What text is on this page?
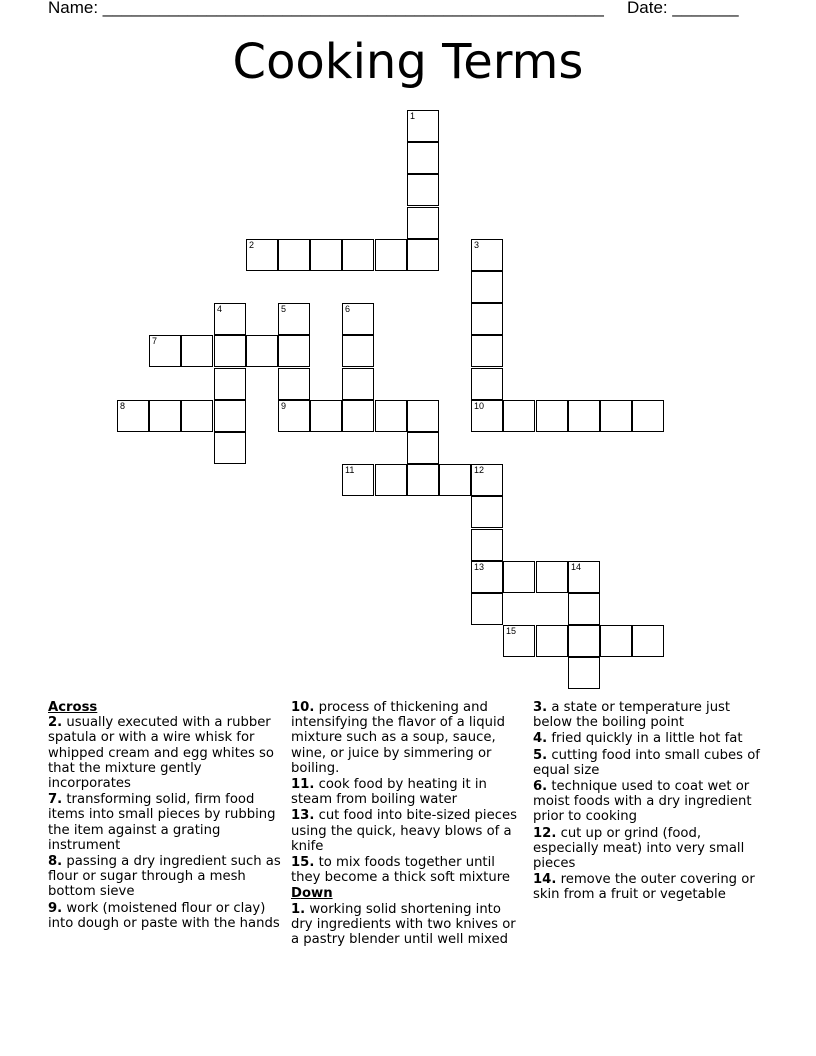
Name: _____________________________________________________ Date: _______
Cooking Terms
1
2	3
4	5	6
7
8	9	10
11	12
13	14
15
Across
2. usually executed with a rubber spatula or with a wire whisk for whipped cream and egg whites so that the mixture gently incorporates
7. transforming solid, firm food items into small pieces by rubbing the item against a grating instrument
8. passing a dry ingredient such as flour or sugar through a mesh bottom sieve
9. work (moistened flour or clay) into dough or paste with the hands
10. process of thickening and intensifying the flavor of a liquid mixture such as a soup, sauce, wine, or juice by simmering or boiling.
11. cook food by heating it in steam from boiling water
13. cut food into bite-sized pieces using the quick, heavy blows of a knife
15. to mix foods together until they become a thick soft mixture
Down
1. working solid shortening into dry ingredients with two knives or a pastry blender until well mixed
3. a state or temperature just below the boiling point
4. fried quickly in a little hot fat
5. cutting food into small cubes of equal size
6. technique used to coat wet or moist foods with a dry ingredient prior to cooking
12. cut up or grind (food, especially meat) into very small pieces
14. remove the outer covering or skin from a fruit or vegetable
